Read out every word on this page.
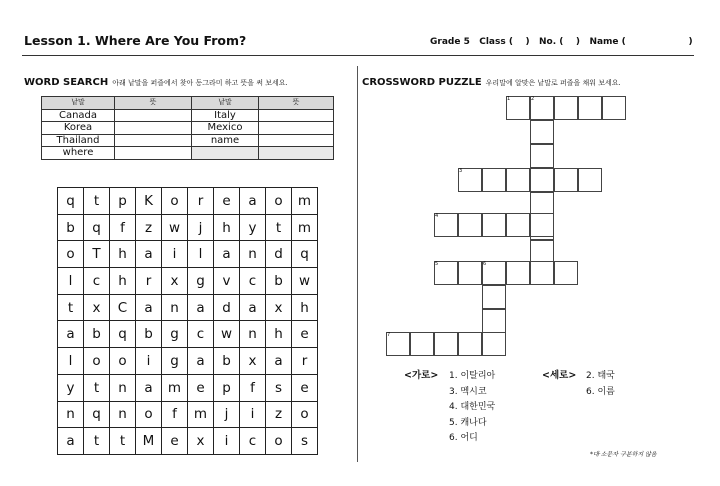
Lesson 1. Where Are You From?	Grade 5   Class (    )   No. (    )   Name (                    )
WORD SEARCH 아래 낱말을 퍼즐에서 찾아 동그라미 하고 뜻을 써 보세요.
낱말	뜻	낱말	뜻
Canada		Italy	
Korea		Mexico	
Thailand		name	
where			
q	t	p	K	o	r	e	a	o	m
b	q	f	z	w	j	h	y	t	m
o	T	h	a	i	l	a	n	d	q
l	c	h	r	x	g	v	c	b	w
t	x	C	a	n	a	d	a	x	h
a	b	q	b	g	c	w	n	h	e
l	o	o	i	g	a	b	x	a	r
y	t	n	a	m	e	p	f	s	e
n	q	n	o	f	m	j	i	z	o
a	t	t	M	e	x	i	c	o	s
CROSSWORD PUZZLE 우리말에 알맞은 낱말로 퍼즐을 채워 보세요.
1	2
3
4
5	6
7
<가로>	<세로>
1. 이탈리아
3. 멕시코
4. 대한민국
5. 캐나다
6. 어디
2. 태국
6. 이름
*대·소문자 구분하지 않음
